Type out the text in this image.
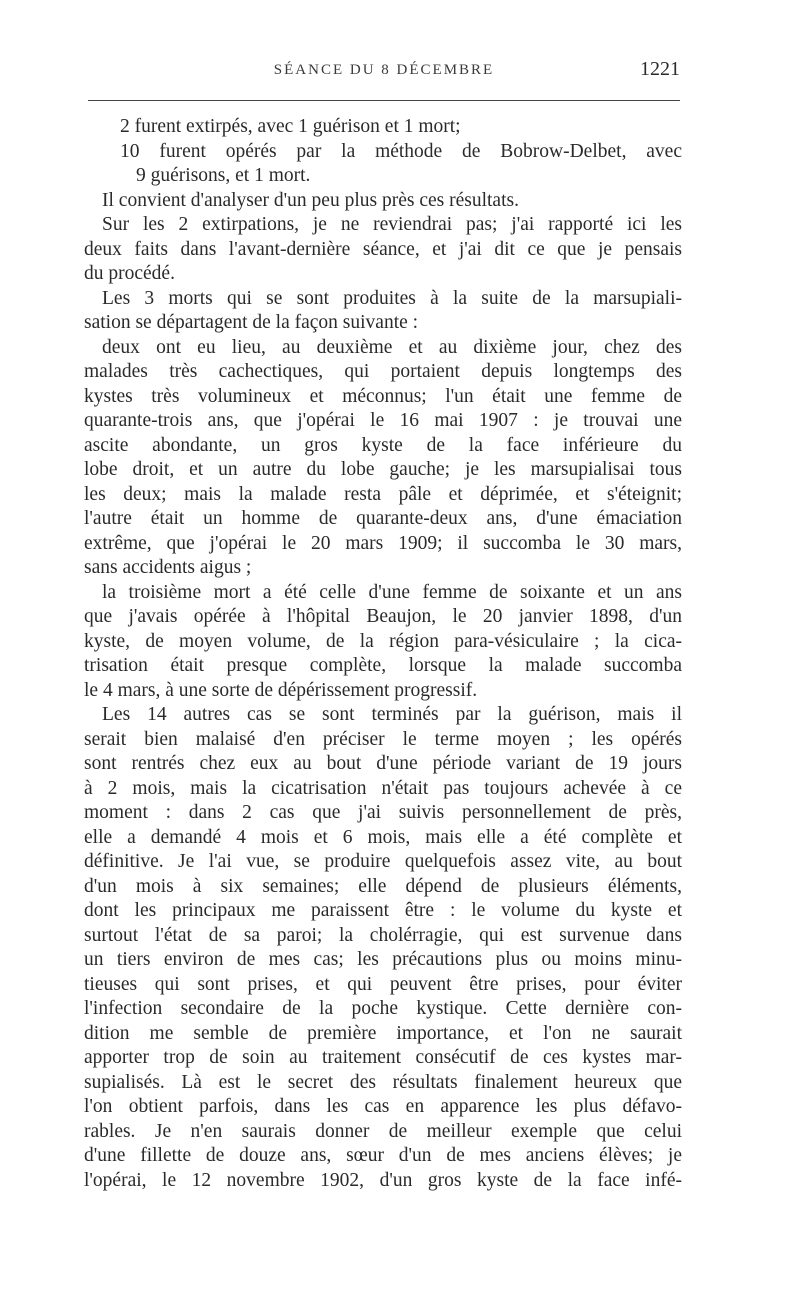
SÉANCE DU 8 DÉCEMBRE	1221
2 furent extirpés, avec 1 guérison et 1 mort;
10 furent opérés par la méthode de Bobrow-Delbet, avec
9 guérisons, et 1 mort.
Il convient d'analyser d'un peu plus près ces résultats.
Sur les 2 extirpations, je ne reviendrai pas; j'ai rapporté ici les
deux faits dans l'avant-dernière séance, et j'ai dit ce que je pensais
du procédé.
Les 3 morts qui se sont produites à la suite de la marsupiali-
sation se départagent de la façon suivante :
deux ont eu lieu, au deuxième et au dixième jour, chez des
malades très cachectiques, qui portaient depuis longtemps des
kystes très volumineux et méconnus; l'un était une femme de
quarante-trois ans, que j'opérai le 16 mai 1907 : je trouvai une
ascite abondante, un gros kyste de la face inférieure du
lobe droit, et un autre du lobe gauche; je les marsupialisai tous
les deux; mais la malade resta pâle et déprimée, et s'éteignit;
l'autre était un homme de quarante-deux ans, d'une émaciation
extrême, que j'opérai le 20 mars 1909; il succomba le 30 mars,
sans accidents aigus ;
la troisième mort a été celle d'une femme de soixante et un ans
que j'avais opérée à l'hôpital Beaujon, le 20 janvier 1898, d'un
kyste, de moyen volume, de la région para-vésiculaire ; la cica-
trisation était presque complète, lorsque la malade succomba
le 4 mars, à une sorte de dépérissement progressif.
Les 14 autres cas se sont terminés par la guérison, mais il
serait bien malaisé d'en préciser le terme moyen ; les opérés
sont rentrés chez eux au bout d'une période variant de 19 jours
à 2 mois, mais la cicatrisation n'était pas toujours achevée à ce
moment : dans 2 cas que j'ai suivis personnellement de près,
elle a demandé 4 mois et 6 mois, mais elle a été complète et
définitive. Je l'ai vue, se produire quelquefois assez vite, au bout
d'un mois à six semaines; elle dépend de plusieurs éléments,
dont les principaux me paraissent être : le volume du kyste et
surtout l'état de sa paroi; la cholérragie, qui est survenue dans
un tiers environ de mes cas; les précautions plus ou moins minu-
tieuses qui sont prises, et qui peuvent être prises, pour éviter
l'infection secondaire de la poche kystique. Cette dernière con-
dition me semble de première importance, et l'on ne saurait
apporter trop de soin au traitement consécutif de ces kystes mar-
supialisés. Là est le secret des résultats finalement heureux que
l'on obtient parfois, dans les cas en apparence les plus défavo-
rables. Je n'en saurais donner de meilleur exemple que celui
d'une fillette de douze ans, sœur d'un de mes anciens élèves; je
l'opérai, le 12 novembre 1902, d'un gros kyste de la face infé-
